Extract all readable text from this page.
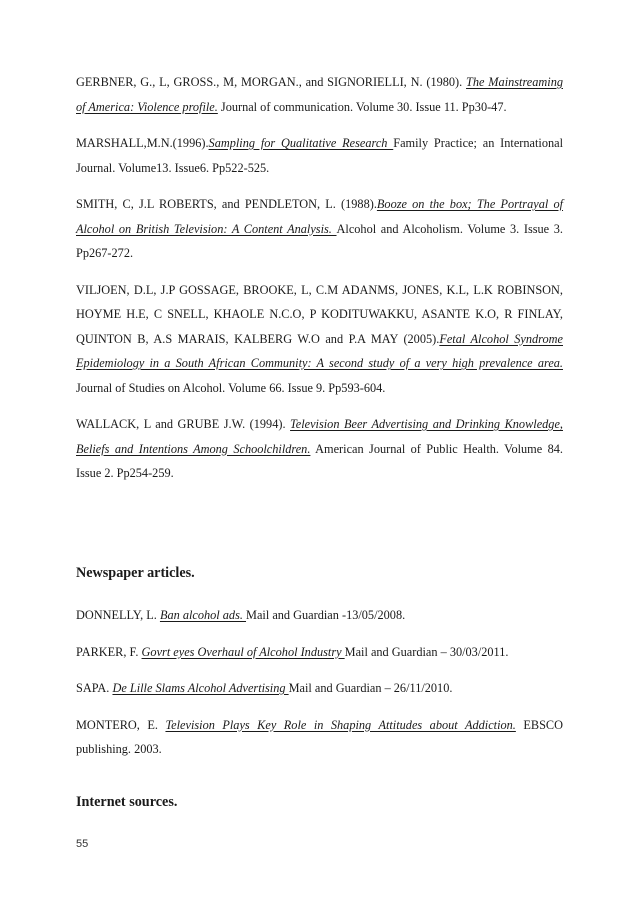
GERBNER, G., L, GROSS., M, MORGAN., and SIGNORIELLI, N. (1980). The Mainstreaming of America: Violence profile. Journal of communication. Volume 30. Issue 11. Pp30-47.

MARSHALL,M.N.(1996).Sampling for Qualitative Research Family Practice; an International Journal. Volume13. Issue6. Pp522-525.

SMITH, C, J.L ROBERTS, and PENDLETON, L. (1988).Booze on the box; The Portrayal of Alcohol on British Television: A Content Analysis. Alcohol and Alcoholism. Volume 3. Issue 3. Pp267-272.

VILJOEN, D.L, J.P GOSSAGE, BROOKE, L, C.M ADANMS, JONES, K.L, L.K ROBINSON, HOYME H.E, C SNELL, KHAOLE N.C.O, P KODITUWAKKU, ASANTE K.O, R FINLAY, QUINTON B, A.S MARAIS, KALBERG W.O and P.A MAY (2005).Fetal Alcohol Syndrome Epidemiology in a South African Community: A second study of a very high prevalence area. Journal of Studies on Alcohol. Volume 66. Issue 9. Pp593-604.

WALLACK, L and GRUBE J.W. (1994). Television Beer Advertising and Drinking Knowledge, Beliefs and Intentions Among Schoolchildren. American Journal of Public Health. Volume 84. Issue 2. Pp254-259.

Newspaper articles.

DONNELLY, L. Ban alcohol ads. Mail and Guardian -13/05/2008.

PARKER, F. Govrt eyes Overhaul of Alcohol Industry Mail and Guardian – 30/03/2011.

SAPA. De Lille Slams Alcohol Advertising Mail and Guardian – 26/11/2010.

MONTERO, E. Television Plays Key Role in Shaping Attitudes about Addiction. EBSCO publishing. 2003.

Internet sources.
55
